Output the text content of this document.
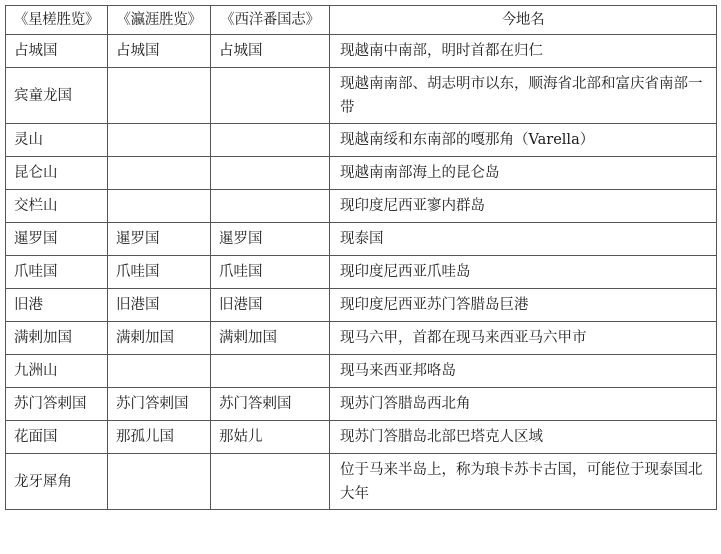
《星槎胜览》	《瀛涯胜览》	《西洋番国志》	今地名
占城国	占城国	占城国	现越南中南部，明时首都在归仁
宾童龙国			现越南南部、胡志明市以东，顺海省北部和富庆省南部一带
灵山			现越南绥和东南部的嘎那角（Varella）
昆仑山			现越南南部海上的昆仑岛
交栏山			现印度尼西亚寥内群岛
暹罗国	暹罗国	暹罗国	现泰国
爪哇国	爪哇国	爪哇国	现印度尼西亚爪哇岛
旧港	旧港国	旧港国	现印度尼西亚苏门答腊岛巨港
满剌加国	满剌加国	满剌加国	现马六甲，首都在现马来西亚马六甲市
九洲山			现马来西亚邦咯岛
苏门答剌国	苏门答剌国	苏门答剌国	现苏门答腊岛西北角
花面国	那孤儿国	那姑儿	现苏门答腊岛北部巴塔克人区域
龙牙犀角			位于马来半岛上，称为琅卡苏卡古国，可能位于现泰国北大年
